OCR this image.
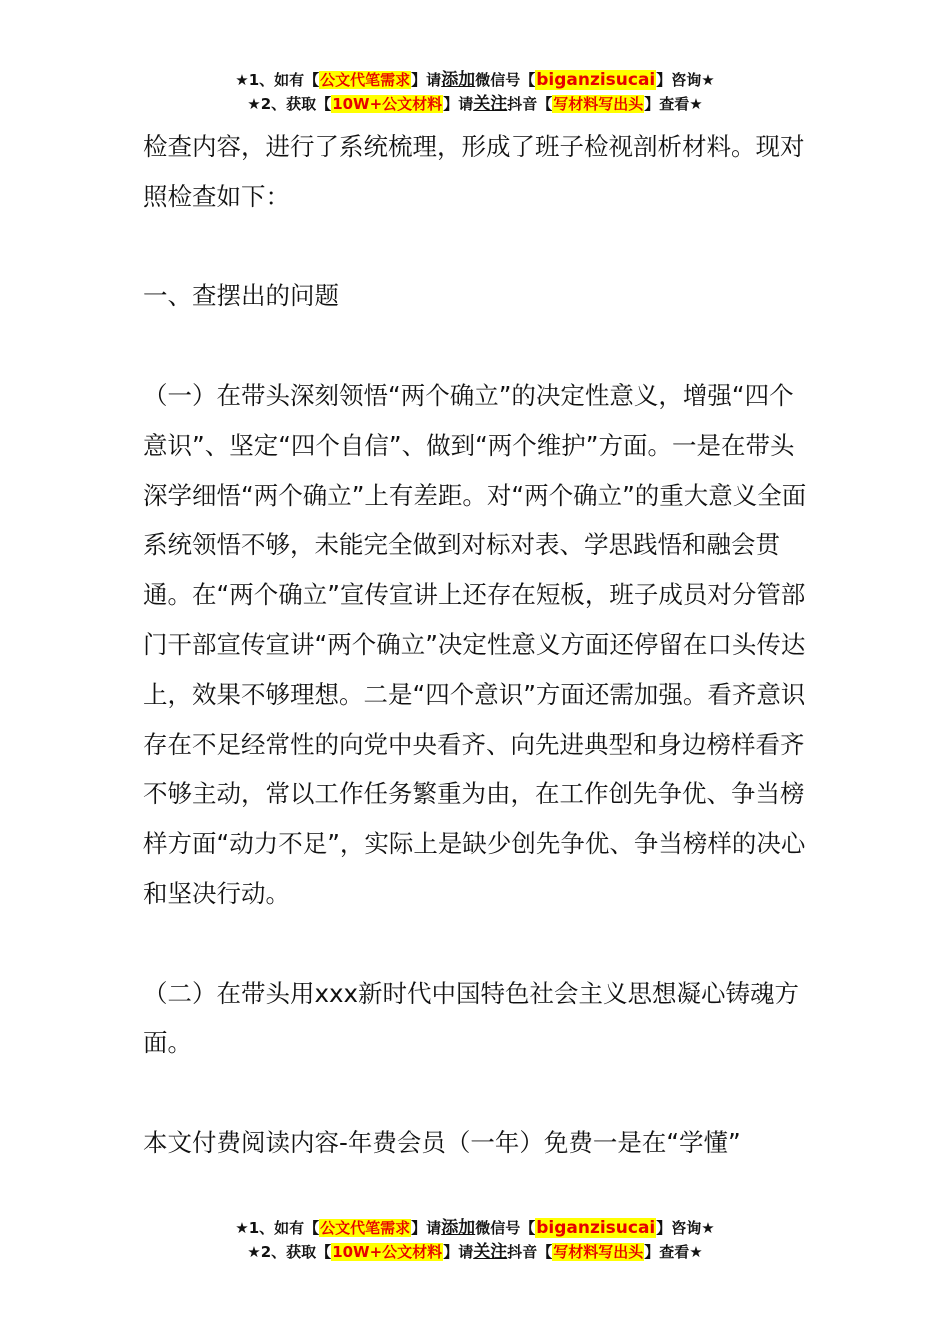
★1、如有【公文代笔需求】请添加微信号【biganzisucai】咨询★
★2、获取【10W+公文材料】请关注抖音【写材料写出头】查看★

检查内容，进行了系统梳理，形成了班子检视剖析材料。现对照检查如下：

一、查摆出的问题

（一）在带头深刻领悟“两个确立”的决定性意义，增强“四个意识”、坚定“四个自信”、做到“两个维护”方面。一是在带头深学细悟“两个确立”上有差距。对“两个确立”的重大意义全面系统领悟不够，未能完全做到对标对表、学思践悟和融会贯通。在“两个确立”宣传宣讲上还存在短板，班子成员对分管部门干部宣传宣讲“两个确立”决定性意义方面还停留在口头传达上，效果不够理想。二是“四个意识”方面还需加强。看齐意识存在不足经常性的向党中央看齐、向先进典型和身边榜样看齐不够主动，常以工作任务繁重为由，在工作创先争优、争当榜样方面“动力不足”，实际上是缺少创先争优、争当榜样的决心和坚决行动。

（二）在带头用xxx新时代中国特色社会主义思想凝心铸魂方面。

本文付费阅读内容-年费会员（一年）免费一是在“学懂”

★1、如有【公文代笔需求】请添加微信号【biganzisucai】咨询★
★2、获取【10W+公文材料】请关注抖音【写材料写出头】查看★
